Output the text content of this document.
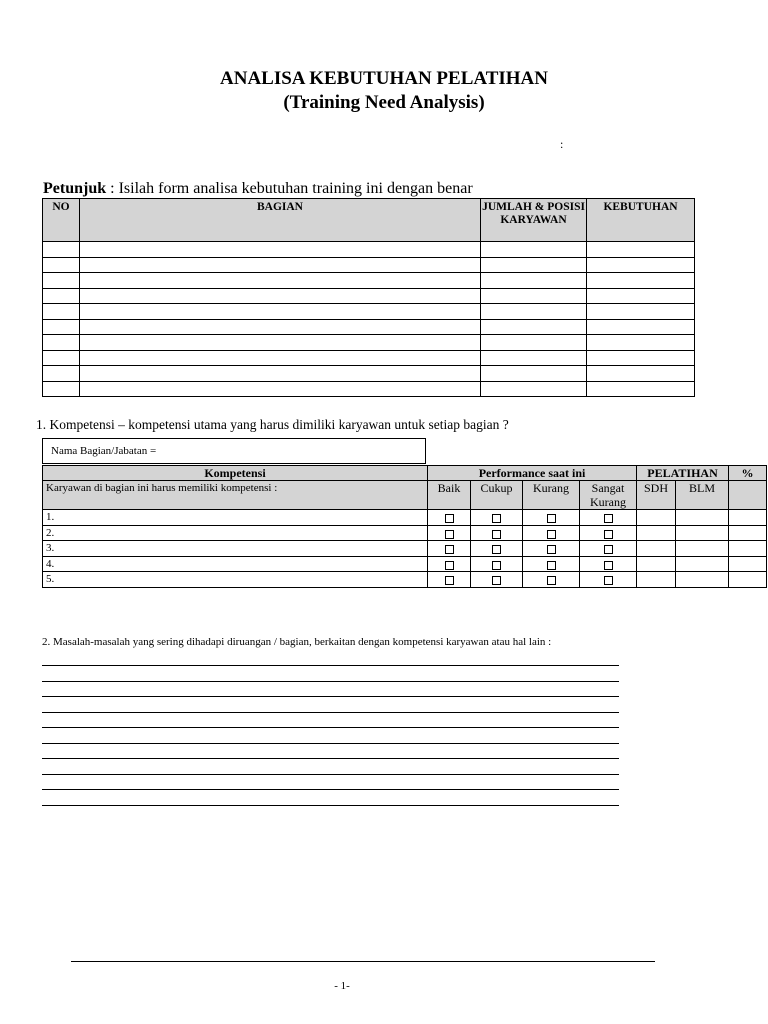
ANALISA KEBUTUHAN PELATIHAN
(Training Need Analysis)
:
Petunjuk : Isilah form analisa kebutuhan training ini dengan benar
NO	BAGIAN	JUMLAH & POSISI KARYAWAN	KEBUTUHAN

1. Kompetensi – kompetensi utama yang harus dimiliki karyawan untuk setiap bagian ?
Nama Bagian/Jabatan =
Kompetensi	Performance saat ini				PELATIHAN		%
Karyawan di bagian ini harus memiliki kompetensi :	Baik	Cukup	Kurang	Sangat Kurang	SDH	BLM	
1.							
2.							
3.							
4.							
5.							
2. Masalah-masalah yang sering dihadapi diruangan / bagian, berkaitan dengan kompetensi karyawan atau hal lain :
- 1-
